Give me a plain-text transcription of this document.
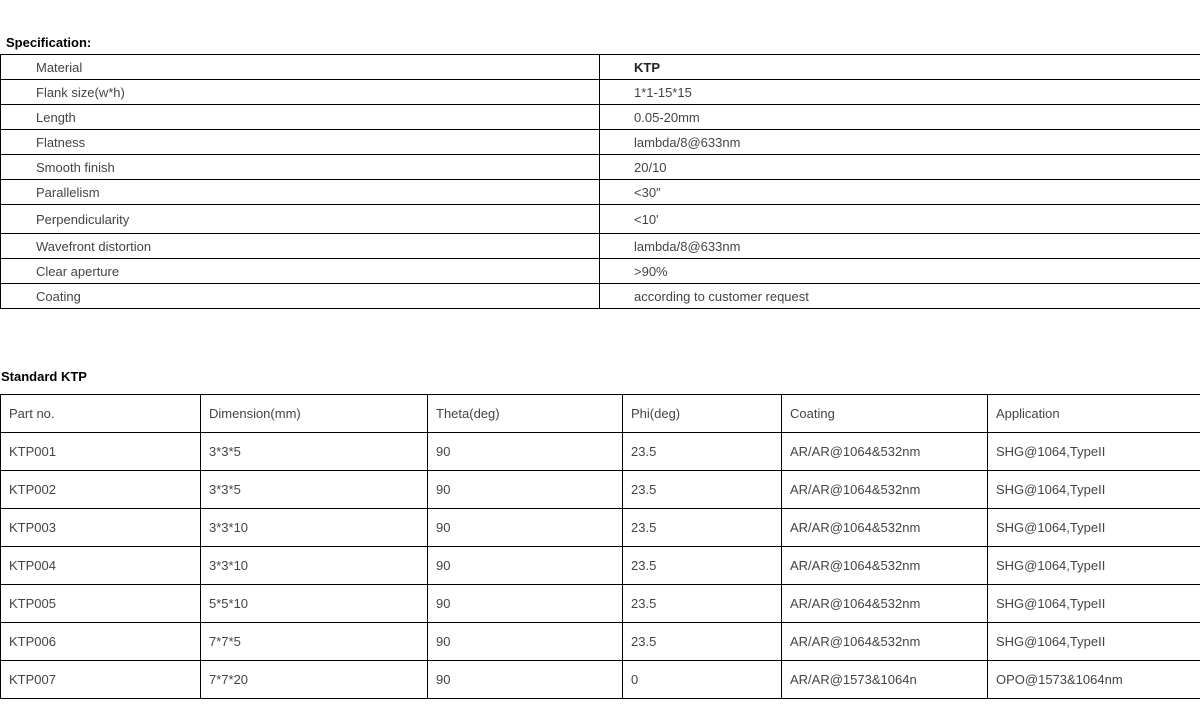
Specification:
Material	KTP
Flank size(w*h)	1*1-15*15
Length	0.05-20mm
Flatness	lambda/8@633nm
Smooth finish	20/10
Parallelism	<30″
Perpendicularity	<10'
Wavefront distortion	lambda/8@633nm
Clear aperture	>90%
Coating	according to customer request
Standard KTP
Part no.	Dimension(mm)	Theta(deg)	Phi(deg)	Coating	Application
KTP001	3*3*5	90	23.5	AR/AR@1064&532nm	SHG@1064,TypeII
KTP002	3*3*5	90	23.5	AR/AR@1064&532nm	SHG@1064,TypeII
KTP003	3*3*10	90	23.5	AR/AR@1064&532nm	SHG@1064,TypeII
KTP004	3*3*10	90	23.5	AR/AR@1064&532nm	SHG@1064,TypeII
KTP005	5*5*10	90	23.5	AR/AR@1064&532nm	SHG@1064,TypeII
KTP006	7*7*5	90	23.5	AR/AR@1064&532nm	SHG@1064,TypeII
KTP007	7*7*20	90	0	AR/AR@1573&1064n	OPO@1573&1064nm
